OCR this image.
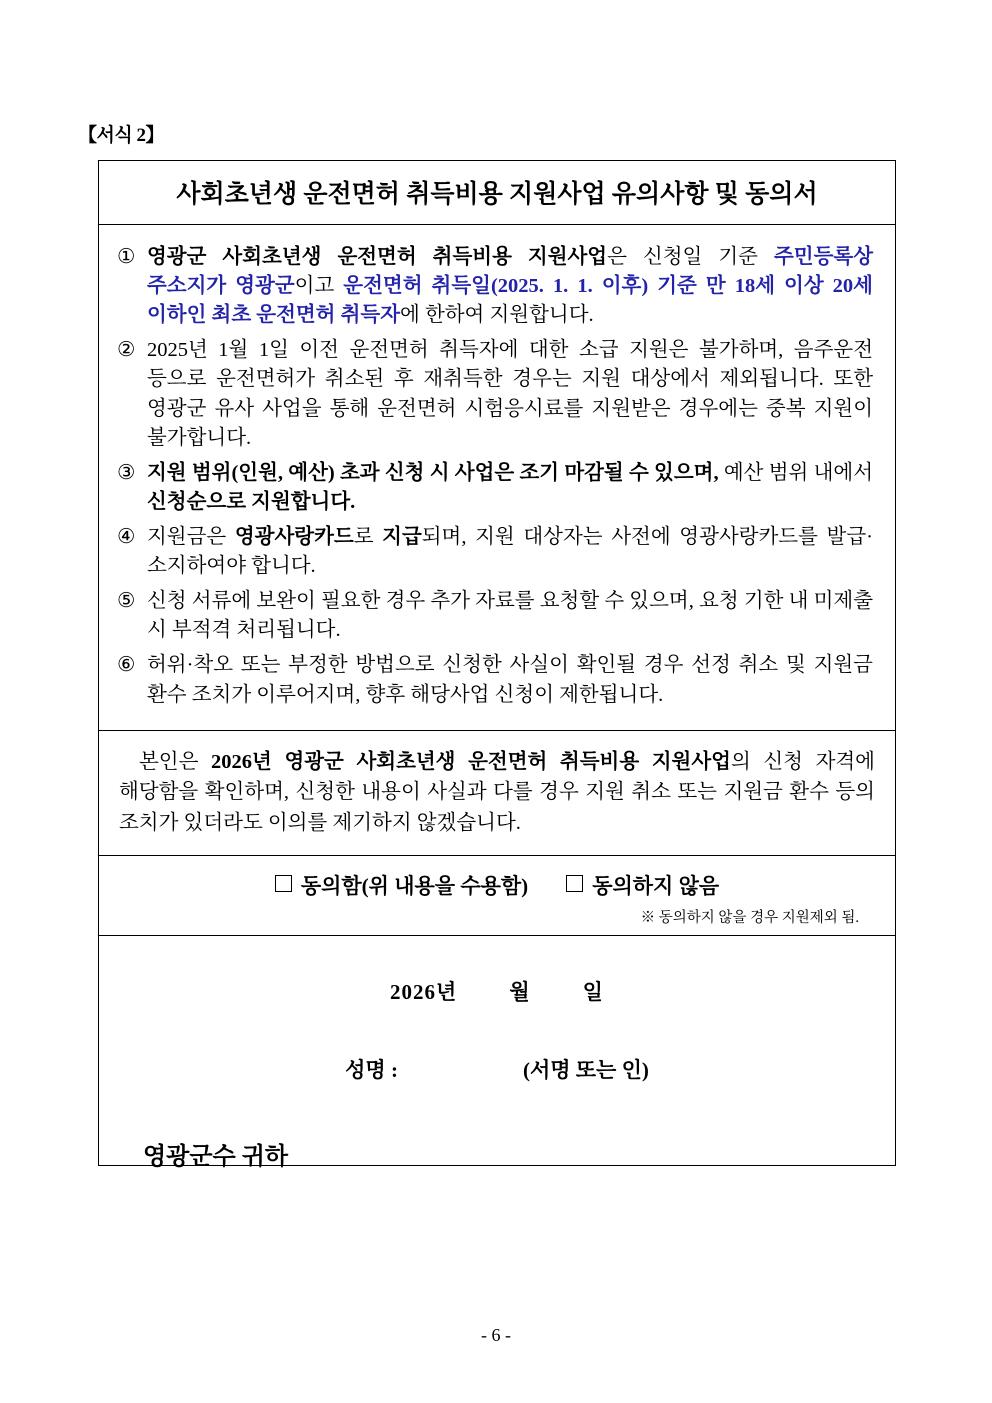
【서식 2】
사회초년생 운전면허 취득비용 지원사업 유의사항 및 동의서
① 영광군 사회초년생 운전면허 취득비용 지원사업은 신청일 기준 주민등록상 주소지가 영광군이고 운전면허 취득일(2025. 1. 1. 이후) 기준 만 18세 이상 20세 이하인 최초 운전면허 취득자에 한하여 지원합니다.
② 2025년 1월 1일 이전 운전면허 취득자에 대한 소급 지원은 불가하며, 음주운전 등으로 운전면허가 취소된 후 재취득한 경우는 지원 대상에서 제외됩니다. 또한 영광군 유사 사업을 통해 운전면허 시험응시료를 지원받은 경우에는 중복 지원이 불가합니다.
③ 지원 범위(인원, 예산) 초과 신청 시 사업은 조기 마감될 수 있으며, 예산 범위 내에서 신청순으로 지원합니다.
④ 지원금은 영광사랑카드로 지급되며, 지원 대상자는 사전에 영광사랑카드를 발급·소지하여야 합니다.
⑤ 신청 서류에 보완이 필요한 경우 추가 자료를 요청할 수 있으며, 요청 기한 내 미제출 시 부적격 처리됩니다.
⑥ 허위·착오 또는 부정한 방법으로 신청한 사실이 확인될 경우 선정 취소 및 지원금 환수 조치가 이루어지며, 향후 해당사업 신청이 제한됩니다.
본인은 2026년 영광군 사회초년생 운전면허 취득비용 지원사업의 신청 자격에 해당함을 확인하며, 신청한 내용이 사실과 다를 경우 지원 취소 또는 지원금 환수 등의 조치가 있더라도 이의를 제기하지 않겠습니다.
동의함(위 내용을 수용함)	동의하지 않음
※ 동의하지 않을 경우 지원제외 됨.
2026년 월 일
성명 :	(서명 또는 인)
영광군수 귀하
- 6 -
